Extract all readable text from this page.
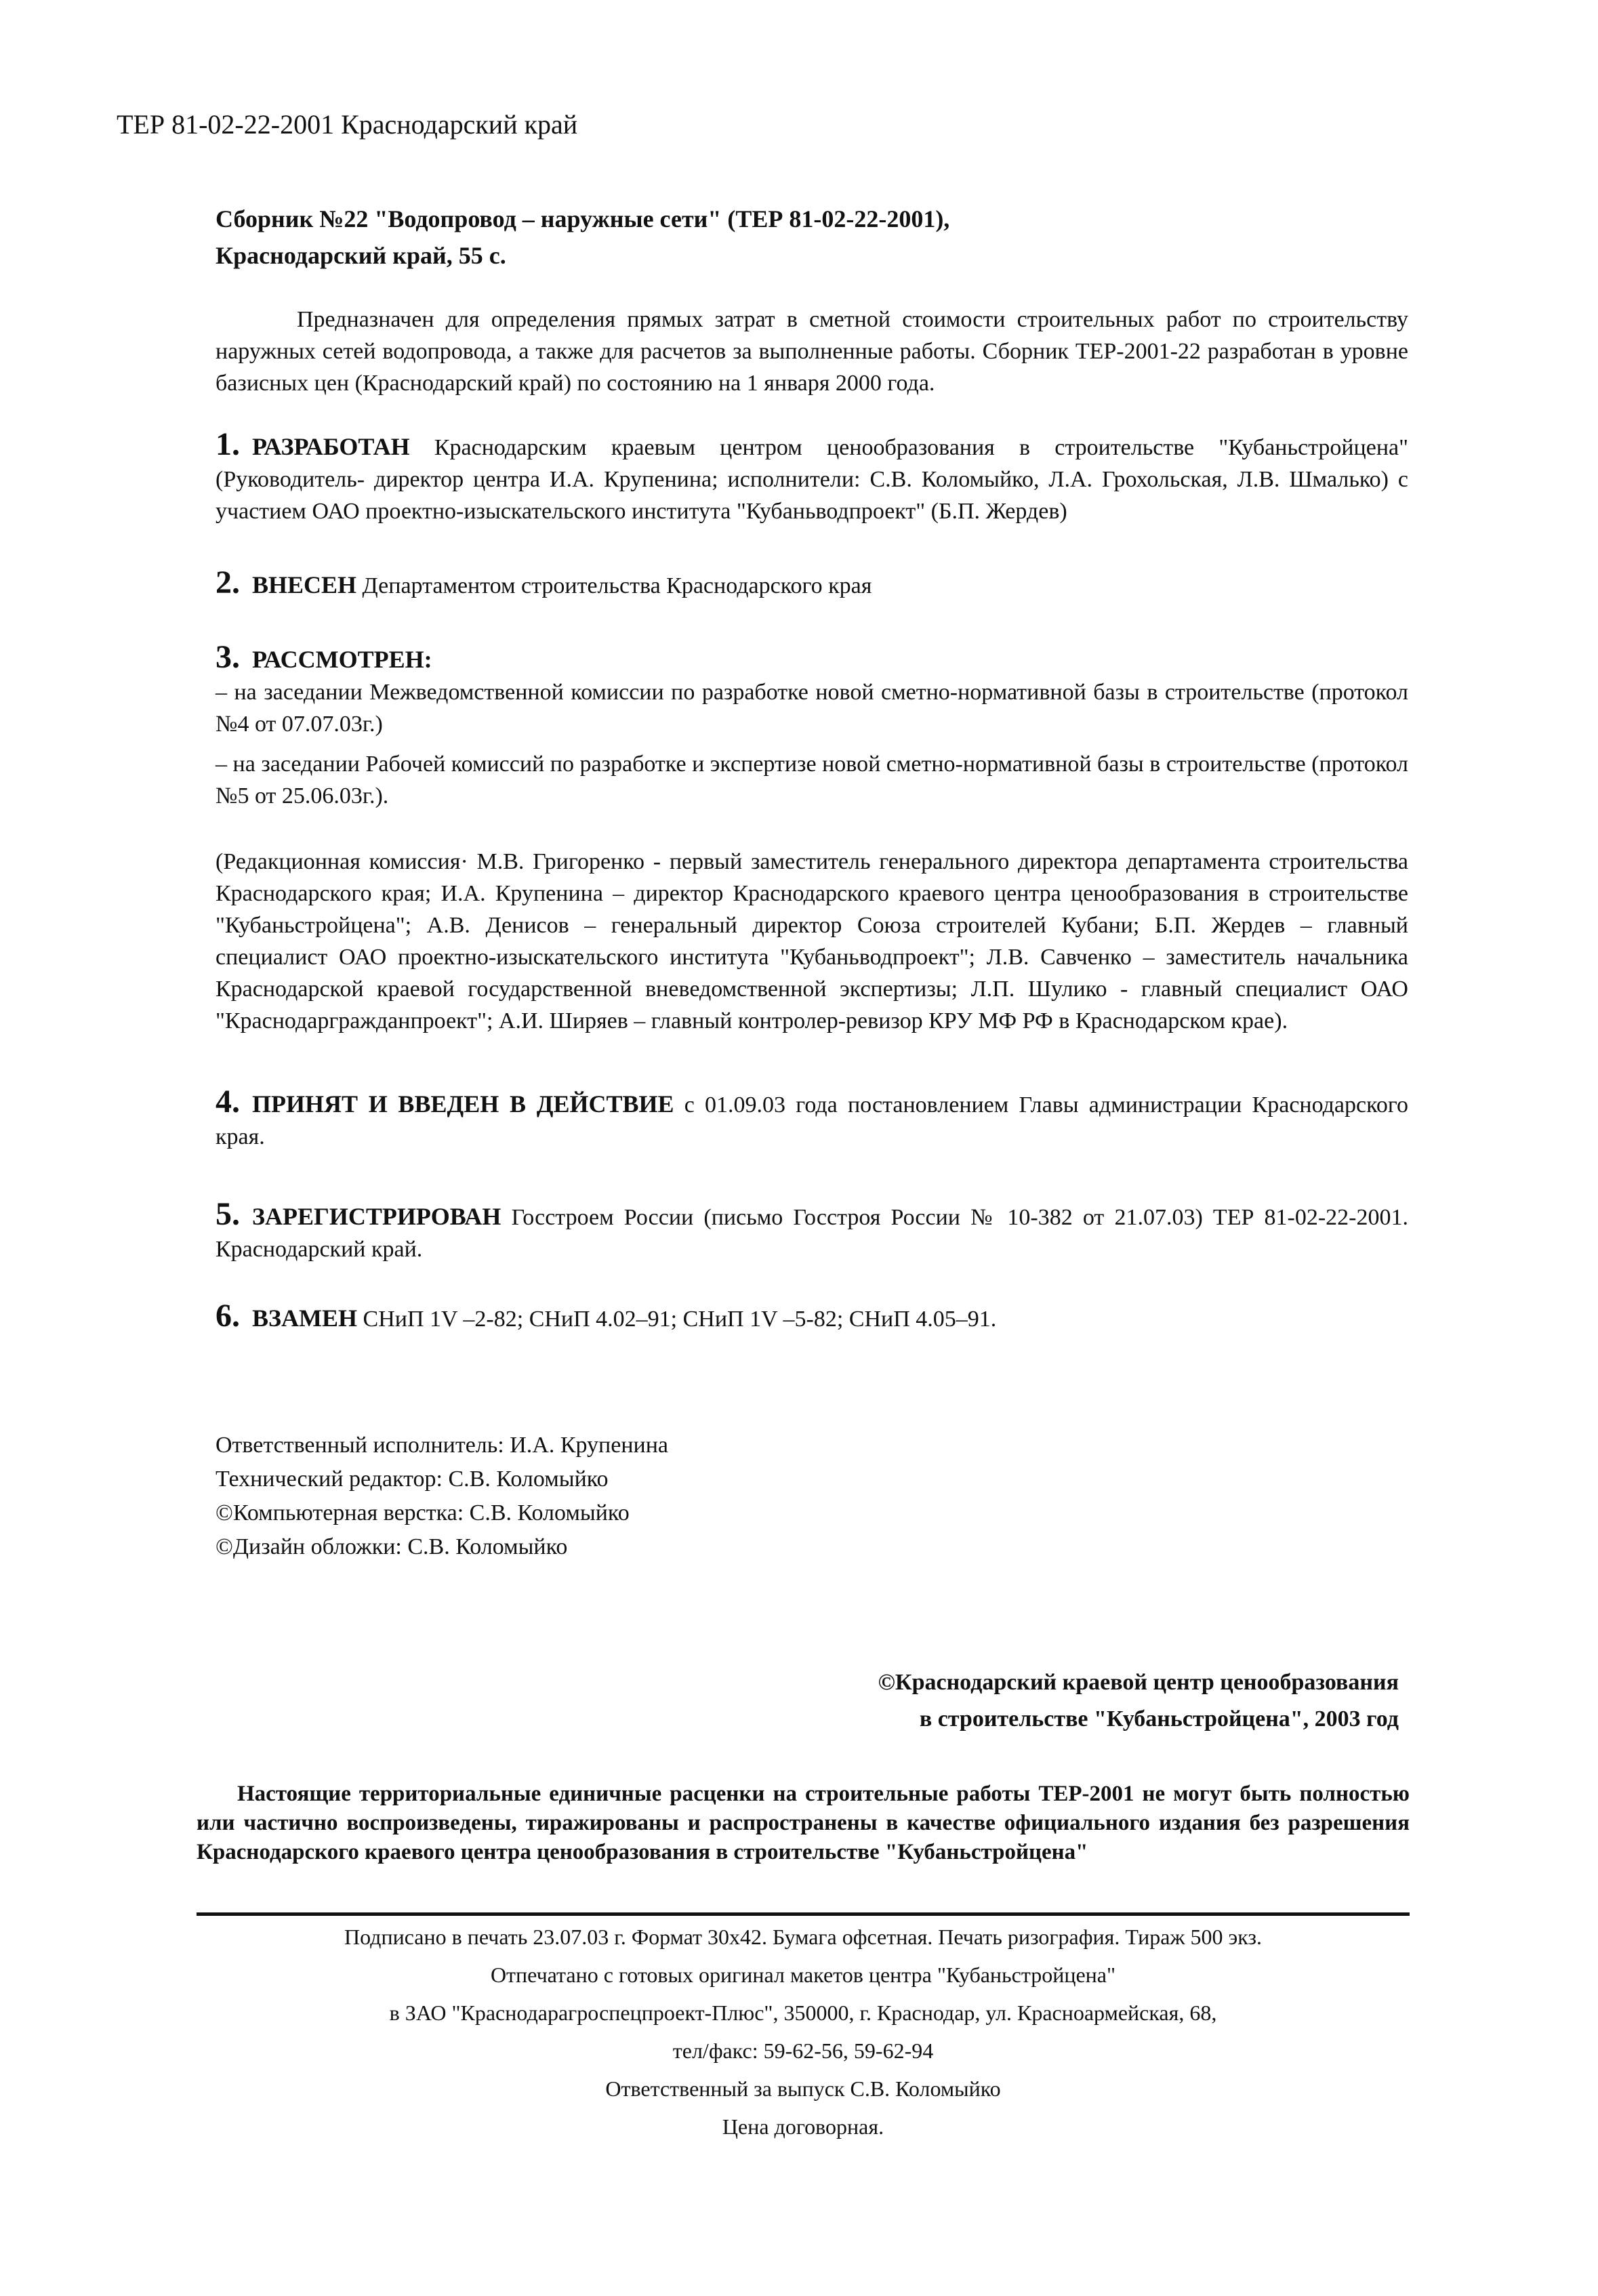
ТЕР 81-02-22-2001 Краснодарский край

Сборник №22 "Водопровод – наружные сети" (ТЕР 81-02-22-2001),

Краснодарский край, 55 с.

Предназначен для определения прямых затрат в сметной стоимости строительных работ по строительству наружных сетей водопровода, а также для расчетов за выполненные работы. Сборник ТЕР-2001-22 разработан в уровне базисных цен (Краснодарский край) по состоянию на 1 января 2000 года.
1. РАЗРАБОТАН Краснодарским краевым центром ценообразования в строительстве "Кубаньстройцена" (Руководитель- директор центра И.А. Крупенина; исполнители: С.В. Коломыйко, Л.А. Грохольская, Л.В. Шмалько) с участием ОАО проектно-изыскательского института "Кубаньводпроект" (Б.П. Жердев)
2. ВНЕСЕН Департаментом строительства Краснодарского края
3. РАССМОТРЕН:
– на заседании Межведомственной комиссии по разработке новой сметно-нормативной базы в строительстве (протокол №4 от 07.07.03г.)
– на заседании Рабочей комиссий по разработке и экспертизе новой сметно-нормативной базы в строительстве (протокол №5 от 25.06.03г.).
(Редакционная комиссия· М.В. Григоренко - первый заместитель генерального директора департамента строительства Краснодарского края; И.А. Крупенина – директор Краснодарского краевого центра ценообразования в строительстве "Кубаньстройцена"; А.В. Денисов – генеральный директор Союза строителей Кубани; Б.П. Жердев – главный специалист ОАО проектно-изыскательского института "Кубаньводпроект"; Л.В. Савченко – заместитель начальника Краснодарской краевой государственной вневедомственной экспертизы; Л.П. Шулико - главный специалист ОАО "Краснодаргражданпроект"; А.И. Ширяев – главный контролер-ревизор КРУ МФ РФ в Краснодарском крае).
4. ПРИНЯТ И ВВЕДЕН В ДЕЙСТВИЕ с 01.09.03 года постановлением Главы администрации Краснодарского края.
5. ЗАРЕГИСТРИРОВАН Госстроем России (письмо Госстроя России № 10-382 от 21.07.03) ТЕР 81-02-22-2001. Краснодарский край.
6. ВЗАМЕН СНиП 1V –2-82; СНиП 4.02–91; СНиП 1V –5-82; СНиП 4.05–91.
Ответственный исполнитель: И.А. Крупенина
Технический редактор: С.В. Коломыйко
©Компьютерная верстка: С.В. Коломыйко
©Дизайн обложки: С.В. Коломыйко
©Краснодарский краевой центр ценообразования
в строительстве "Кубаньстройцена", 2003 год
Настоящие территориальные единичные расценки на строительные работы ТЕР-2001 не могут быть полностью или частично воспроизведены, тиражированы и распространены в качестве официального издания без разрешения Краснодарского краевого центра ценообразования в строительстве "Кубаньстройцена"
Подписано в печать 23.07.03 г. Формат 30х42. Бумага офсетная. Печать ризография. Тираж 500 экз.
Отпечатано с готовых оригинал макетов центра "Кубаньстройцена"
в ЗАО "Краснодарагроспецпроект-Плюс", 350000, г. Краснодар, ул. Красноармейская, 68,
тел/факс: 59-62-56, 59-62-94
Ответственный за выпуск С.В. Коломыйко
Цена договорная.
